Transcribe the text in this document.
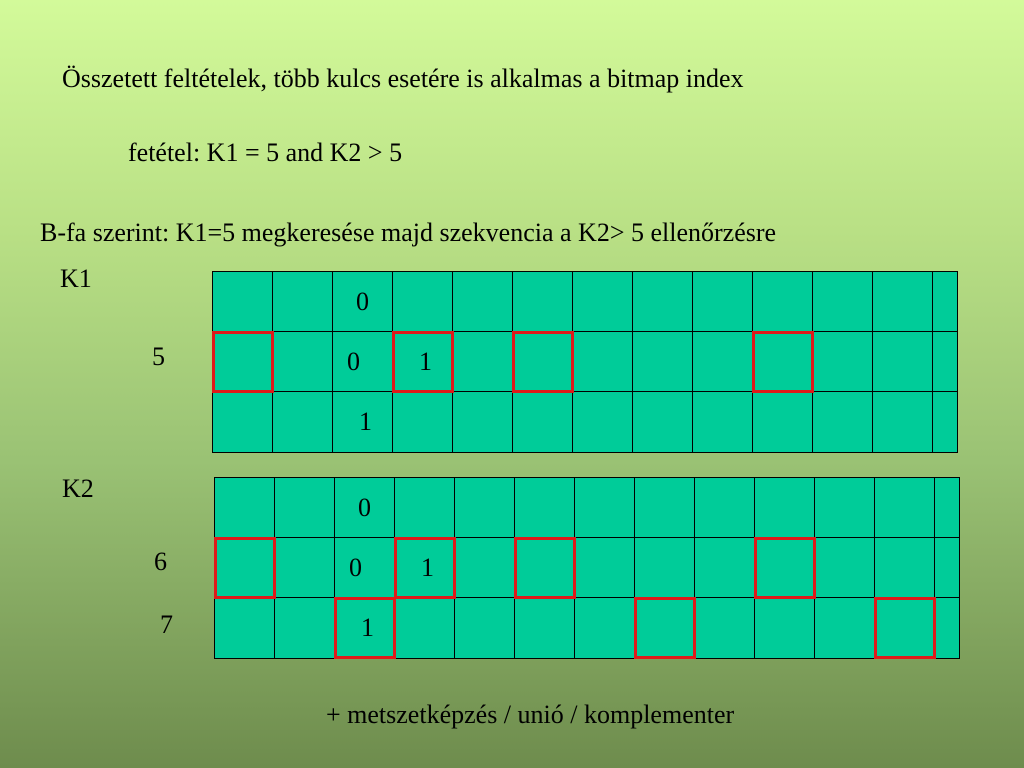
Összetett feltételek, több kulcs esetére is alkalmas a bitmap index
fetétel: K1 = 5 and K2 > 5
B-fa szerint: K1=5 megkeresése majd szekvencia a K2> 5 ellenőrzésre
K1
5
0
0	1
1
K2
6
7
0
0	1
1
+ metszetképzés / unió / komplementer
